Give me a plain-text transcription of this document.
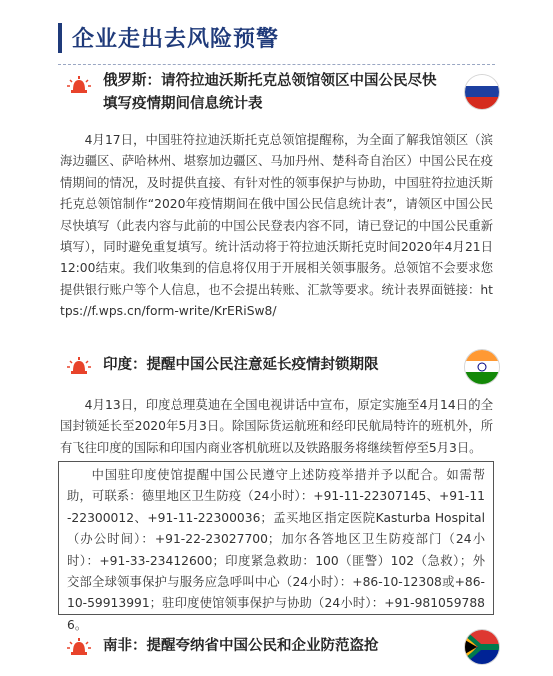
企业走出去风险预警
俄罗斯：请符拉迪沃斯托克总领馆领区中国公民尽快
填写疫情期间信息统计表

4月17日，中国驻符拉迪沃斯托克总领馆提醒称，为全面了解我馆领区（滨海边疆区、萨哈林州、堪察加边疆区、马加丹州、楚科奇自治区）中国公民在疫情期间的情况，及时提供直接、有针对性的领事保护与协助，中国驻符拉迪沃斯托克总领馆制作“2020年疫情期间在俄中国公民信息统计表”，请领区中国公民尽快填写（此表内容与此前的中国公民登表内容不同，请已登记的中国公民重新填写），同时避免重复填写。统计活动将于符拉迪沃斯托克时间2020年4月21日12:00结束。我们收集到的信息将仅用于开展相关领事服务。总领馆不会要求您提供银行账户等个人信息，也不会提出转账、汇款等要求。统计表界面链接：https://f.wps.cn/form-write/KrERiSw8/

印度：提醒中国公民注意延长疫情封锁期限

4月13日，印度总理莫迪在全国电视讲话中宣布，原定实施至4月14日的全国封锁延长至2020年5月3日。除国际货运航班和经印民航局特许的班机外，所有飞往印度的国际和印国内商业客机航班以及铁路服务将继续暂停至5月3日。

中国驻印度使馆提醒中国公民遵守上述防疫举措并予以配合。如需帮助，可联系：德里地区卫生防疫（24小时）：+91-11-22307145、+91-11-22300012、+91-11-22300036；孟买地区指定医院Kasturba Hospital（办公时间）：+91-22-23027700；加尔各答地区卫生防疫部门（24小时）：+91-33-23412600；印度紧急救助：100（匪警）102（急救）；外交部全球领事保护与服务应急呼叫中心（24小时）：+86-10-12308或+86-10-59913991；驻印度使馆领事保护与协助（24小时）：+91-9810597886。

南非：提醒夸纳省中国公民和企业防范盗抢
